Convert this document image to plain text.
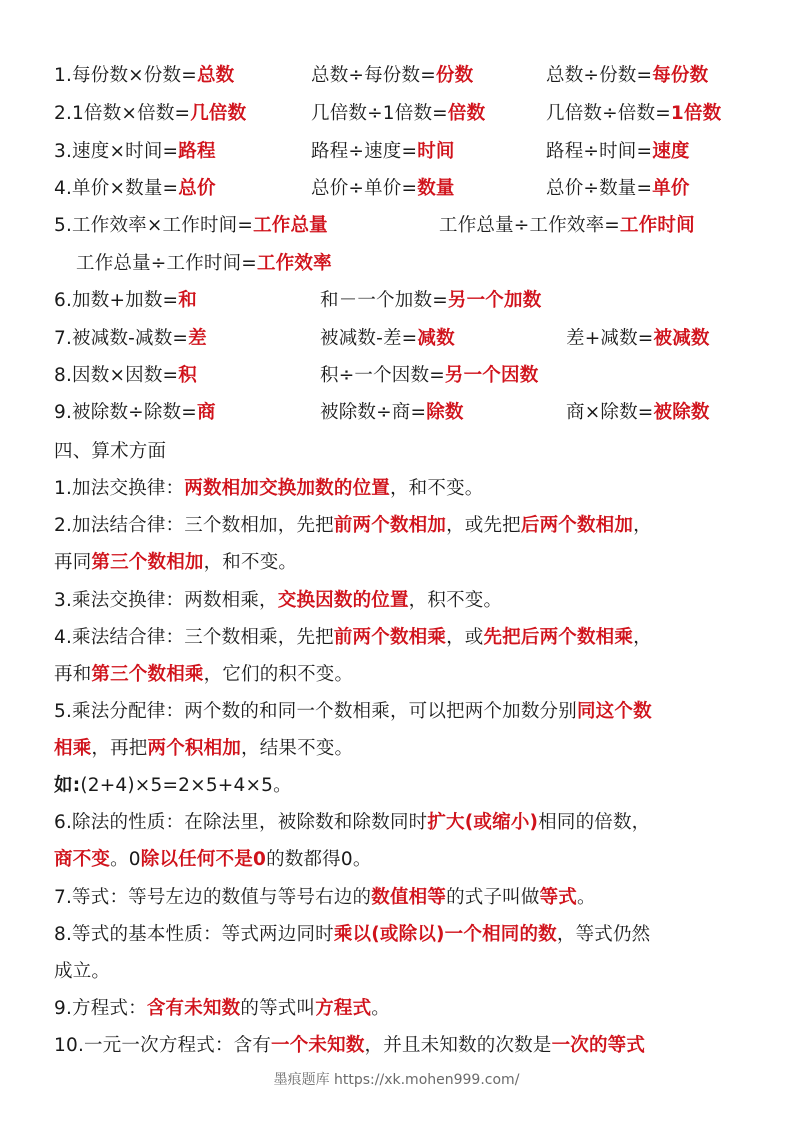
1.每份数×份数=总数	总数÷每份数=份数	总数÷份数=每份数
2.1倍数×倍数=几倍数	几倍数÷1倍数=倍数	几倍数÷倍数=1倍数
3.速度×时间=路程	路程÷速度=时间	路程÷时间=速度
4.单价×数量=总价	总价÷单价=数量	总价÷数量=单价
5.工作效率×工作时间=工作总量	工作总量÷工作效率=工作时间
工作总量÷工作时间=工作效率
6.加数+加数=和	和－一个加数=另一个加数
7.被减数-减数=差	被减数-差=减数	差+减数=被减数
8.因数×因数=积	积÷一个因数=另一个因数
9.被除数÷除数=商	被除数÷商=除数	商×除数=被除数
四、算术方面
1.加法交换律：两数相加交换加数的位置，和不变。
2.加法结合律：三个数相加，先把前两个数相加，或先把后两个数相加，
再同第三个数相加，和不变。
3.乘法交换律：两数相乘，交换因数的位置，积不变。
4.乘法结合律：三个数相乘，先把前两个数相乘，或先把后两个数相乘，
再和第三个数相乘，它们的积不变。
5.乘法分配律：两个数的和同一个数相乘，可以把两个加数分别同这个数
相乘，再把两个积相加，结果不变。
如:(2+4)×5=2×5+4×5。
6.除法的性质：在除法里，被除数和除数同时扩大(或缩小)相同的倍数，
商不变。0除以任何不是0的数都得0。
7.等式：等号左边的数值与等号右边的数值相等的式子叫做等式。
8.等式的基本性质：等式两边同时乘以(或除以)一个相同的数，等式仍然
成立。
9.方程式：含有未知数的等式叫方程式。
10.一元一次方程式：含有一个未知数，并且未知数的次数是一次的等式
墨痕题库 https://xk.mohen999.com/
